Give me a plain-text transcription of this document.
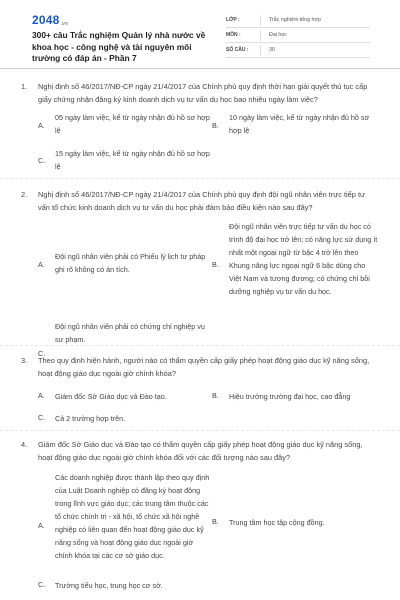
2048.vn
300+ câu Trắc nghiệm Quản lý nhà nước về khoa học - công nghệ và tài nguyên môi trường có đáp án - Phần 7
LỚP :	Trắc nghiệm tổng hợp
MÔN :	Đại học
SỐ CÂU :	30
1. Nghị định số 46/2017/NĐ-CP ngày 21/4/2017 của Chính phủ quy định thời hạn giải quyết thủ tục cấp giấy chứng nhận đăng ký kinh doanh dịch vụ tư vấn du học bao nhiêu ngày làm việc?
A.
05 ngày làm việc, kể từ ngày nhận đủ hồ sơ hợp lệ
B.
10 ngày làm việc, kể từ ngày nhận đủ hồ sơ hợp lệ
C.
15 ngày làm việc, kể từ ngày nhận đủ hồ sơ hợp lệ
2. Nghị định số 46/2017/NĐ-CP ngày 21/4/2017 của Chính phủ quy định đội ngũ nhân viên trực tiếp tư vấn tổ chức kinh doanh dịch vụ tư vấn du học phải đảm bảo điều kiện nào sau đây?
A.
Đội ngũ nhân viên phải có Phiếu lý lịch tư pháp ghi rõ không có án tích.
B.
Đội ngũ nhân viên trực tiếp tư vấn du học có trình độ đại học trở lên; có năng lực sử dụng ít nhất một ngoại ngữ từ bậc 4 trở lên theo Khung năng lực ngoại ngữ 6 bậc dùng cho Việt Nam và tương đương; có chứng chỉ bồi dưỡng nghiệp vụ tư vấn du học.
C.
Đội ngũ nhân viên phải có chứng chỉ nghiệp vụ sư phạm.
3. Theo quy định hiện hành, người nào có thẩm quyền cấp giấy phép hoạt động giáo dục kỹ năng sống, hoạt động giáo dục ngoài giờ chính khóa?
A. Giám đốc Sở Giáo dục và Đào tạo.	B. Hiệu trưởng trường đại học, cao đẳng
C. Cả 2 trường hợp trên.
4. Giám đốc Sở Giáo dục và Đào tạo có thẩm quyền cấp giấy phép hoạt động giáo dục kỹ năng sống, hoạt động giáo dục ngoài giờ chính khóa đối với các đối tượng nào sau đây?
A.
Các doanh nghiệp được thành lập theo quy định của Luật Doanh nghiệp có đăng ký hoạt động trong lĩnh vực giáo dục; các trung tâm thuộc các tổ chức chính trị - xã hội, tổ chức xã hội nghề nghiệp có liên quan đến hoạt động giáo dục kỹ năng sống và hoạt động giáo dục ngoài giờ chính khóa tại các cơ sở giáo dục.
B. Trung tâm học tập cộng đồng.
C. Trường tiểu học, trung học cơ sở.
